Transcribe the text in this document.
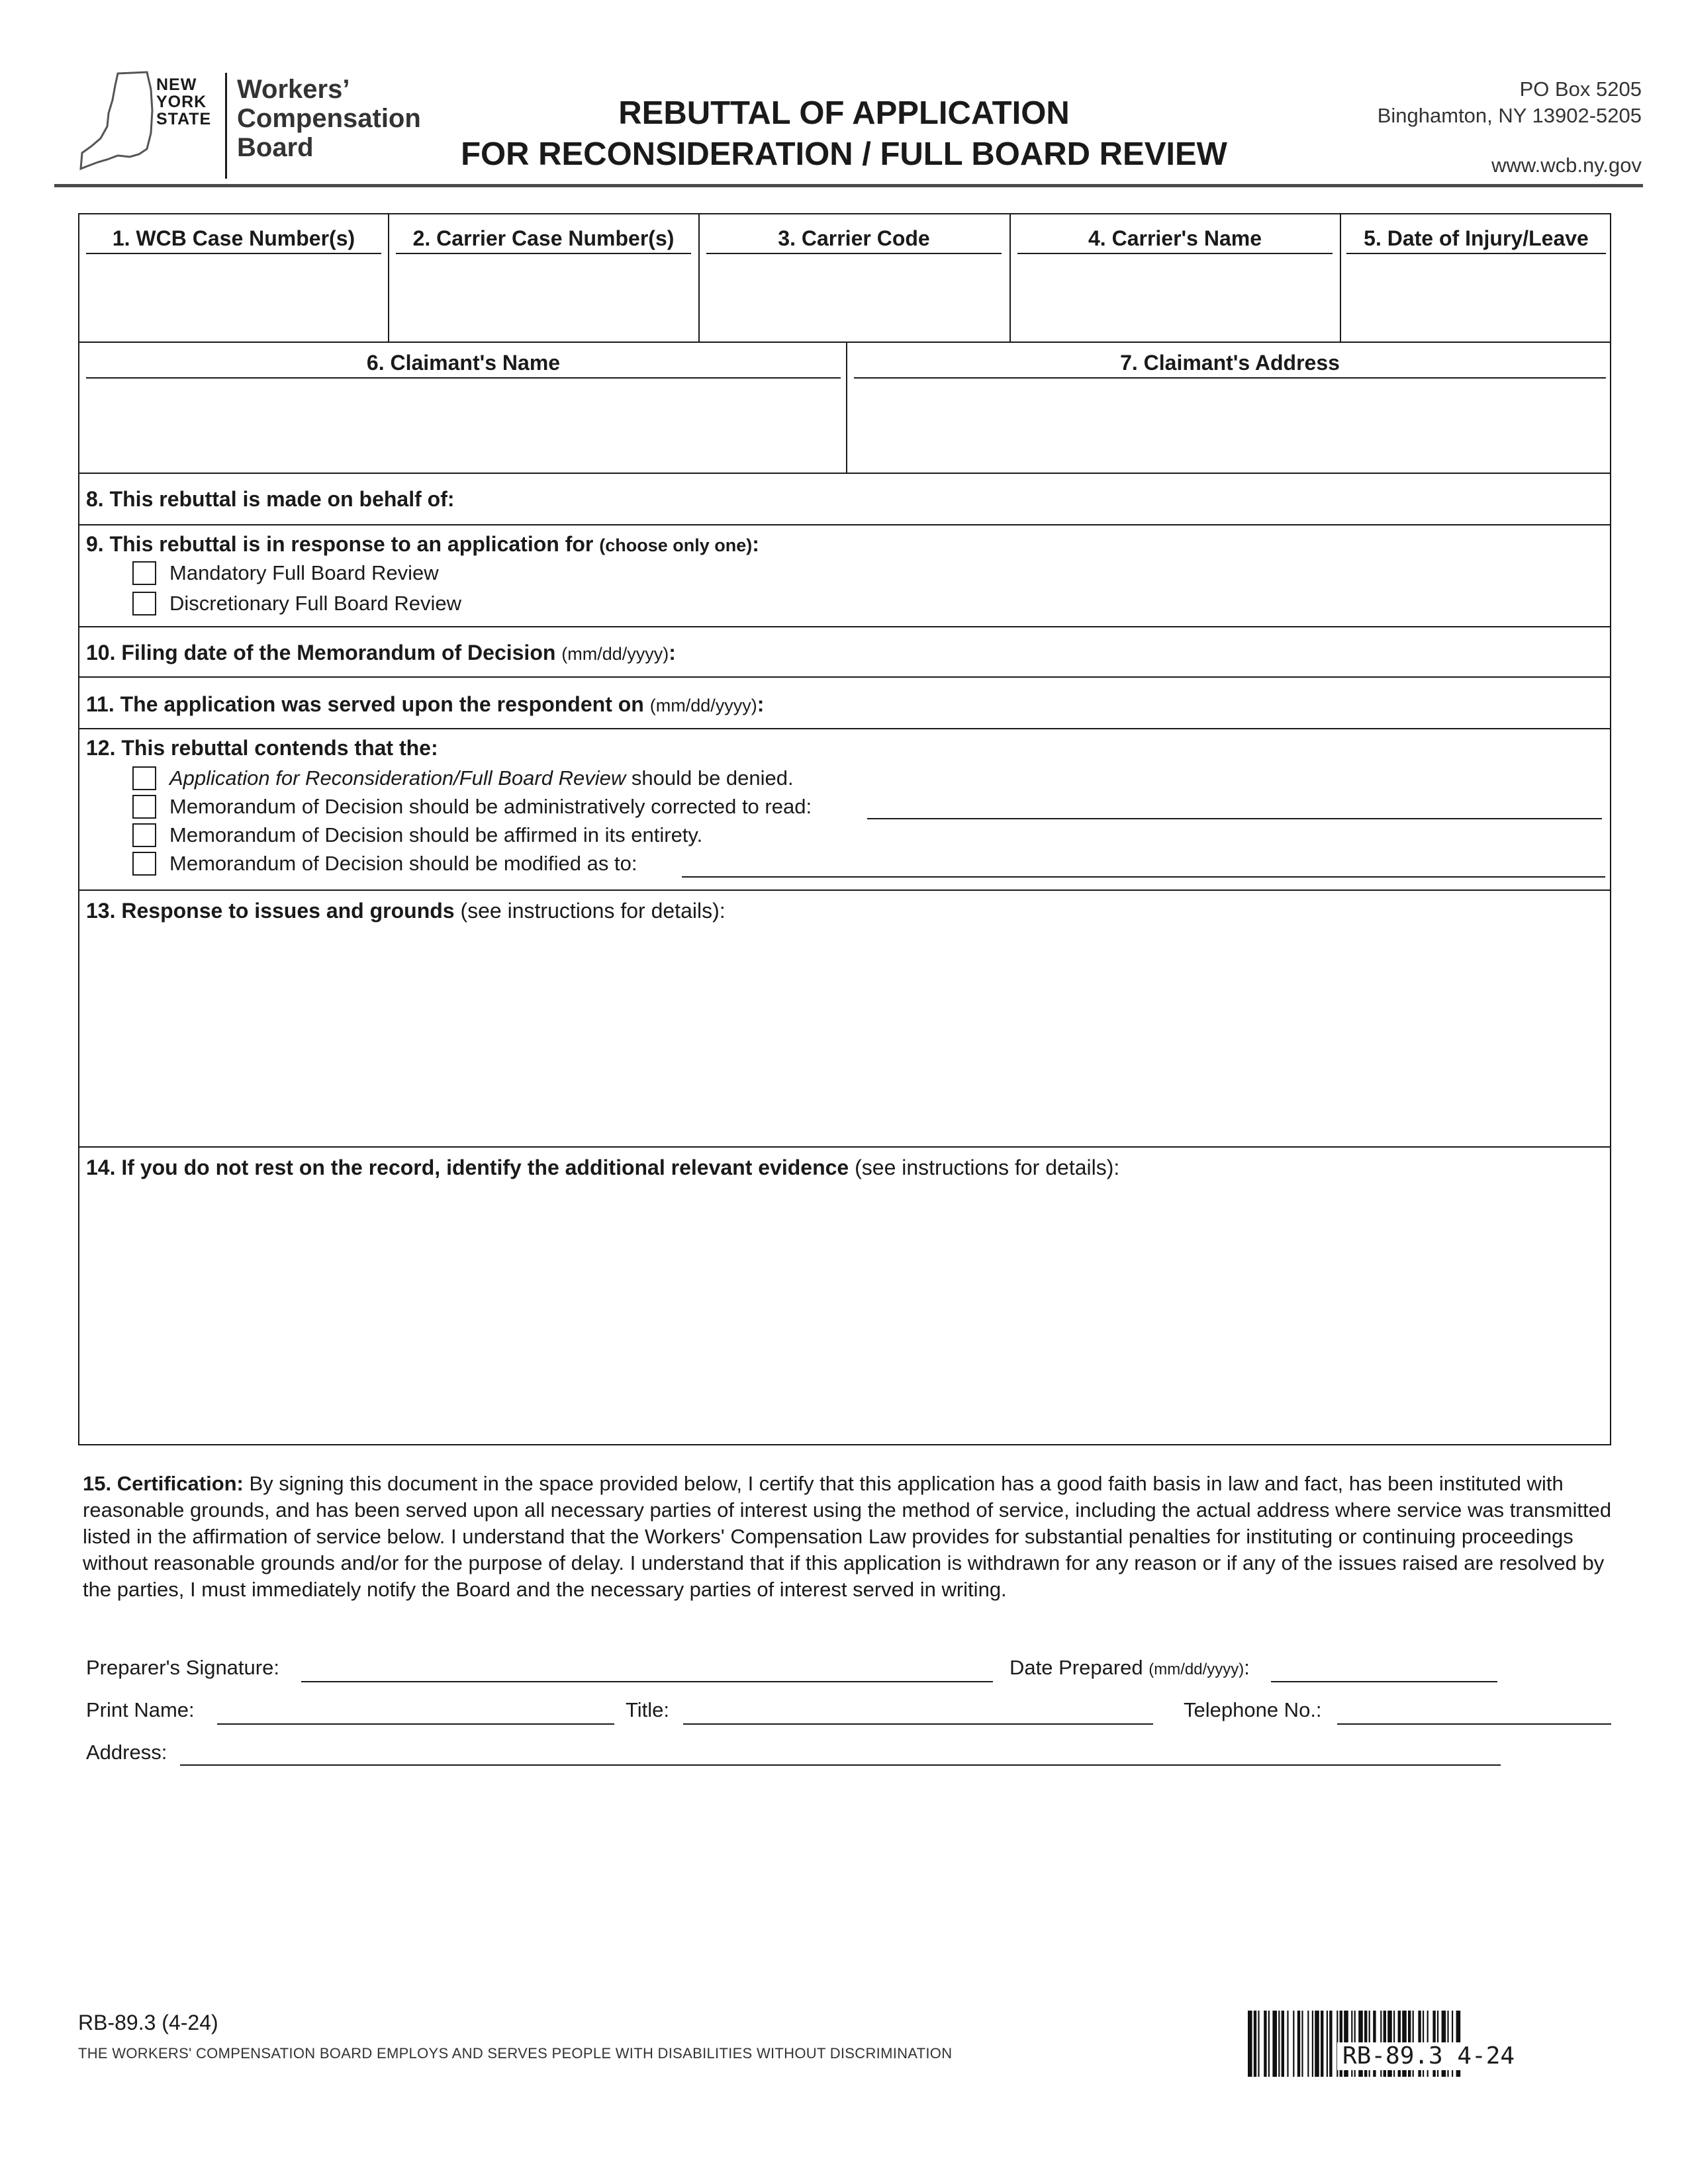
NEW
YORK
STATE
Workers’
Compensation
Board
REBUTTAL OF APPLICATION
FOR RECONSIDERATION / FULL BOARD REVIEW
PO Box 5205
Binghamton, NY 13902-5205
www.wcb.ny.gov
1. WCB Case Number(s)	2. Carrier Case Number(s)	3. Carrier Code	4. Carrier's Name	5. Date of Injury/Leave
6. Claimant's Name	7. Claimant's Address
8. This rebuttal is made on behalf of:
9. This rebuttal is in response to an application for (choose only one):
Mandatory Full Board Review
Discretionary Full Board Review
10. Filing date of the Memorandum of Decision (mm/dd/yyyy):
11. The application was served upon the respondent on (mm/dd/yyyy):
12. This rebuttal contends that the:
Application for Reconsideration/Full Board Review should be denied.
Memorandum of Decision should be administratively corrected to read:
Memorandum of Decision should be affirmed in its entirety.
Memorandum of Decision should be modified as to:
13. Response to issues and grounds (see instructions for details):
14. If you do not rest on the record, identify the additional relevant evidence (see instructions for details):
15. Certification: By signing this document in the space provided below, I certify that this application has a good faith basis in law and fact, has been instituted with reasonable grounds, and has been served upon all necessary parties of interest using the method of service, including the actual address where service was transmitted listed in the affirmation of service below. I understand that the Workers' Compensation Law provides for substantial penalties for instituting or continuing proceedings without reasonable grounds and/or for the purpose of delay. I understand that if this application is withdrawn for any reason or if any of the issues raised are resolved by the parties, I must immediately notify the Board and the necessary parties of interest served in writing.
Preparer's Signature:	Date Prepared (mm/dd/yyyy):
Print Name:	Title:	Telephone No.:
Address:
RB-89.3 (4-24)
THE WORKERS' COMPENSATION BOARD EMPLOYS AND SERVES PEOPLE WITH DISABILITIES WITHOUT DISCRIMINATION	RB-89.3 4-24
